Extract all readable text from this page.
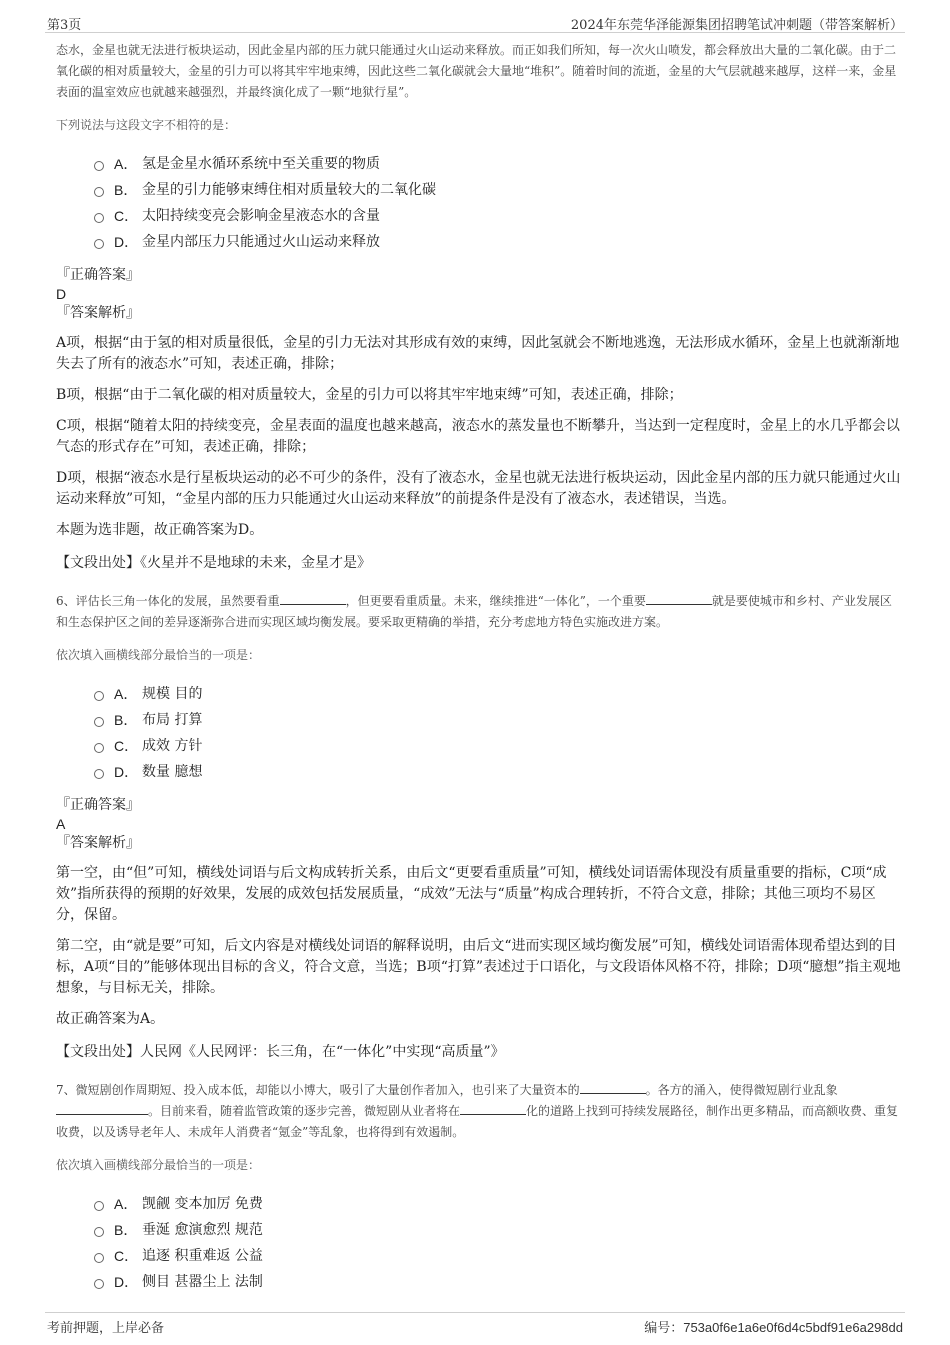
第3页	2024年东莞华泽能源集团招聘笔试冲刺题（带答案解析）

态水，金星也就无法进行板块运动，因此金星内部的压力就只能通过火山运动来释放。而正如我们所知，每一次火山喷发，都会释放出大量的二氧化碳。由于二氧化碳的相对质量较大，金星的引力可以将其牢牢地束缚，因此这些二氧化碳就会大量地“堆积”。随着时间的流逝，金星的大气层就越来越厚，这样一来，金星表面的温室效应也就越来越强烈，并最终演化成了一颗“地狱行星”。

下列说法与这段文字不相符的是：

A． 氢是金星水循环系统中至关重要的物质
B． 金星的引力能够束缚住相对质量较大的二氧化碳
C． 太阳持续变亮会影响金星液态水的含量
D． 金星内部压力只能通过火山运动来释放

『正确答案』

D

『答案解析』

A项，根据“由于氢的相对质量很低，金星的引力无法对其形成有效的束缚，因此氢就会不断地逃逸，无法形成水循环，金星上也就渐渐地失去了所有的液态水”可知，表述正确，排除；

B项，根据“由于二氧化碳的相对质量较大，金星的引力可以将其牢牢地束缚”可知，表述正确，排除；

C项，根据“随着太阳的持续变亮，金星表面的温度也越来越高，液态水的蒸发量也不断攀升，当达到一定程度时，金星上的水几乎都会以气态的形式存在”可知，表述正确，排除；

D项，根据“液态水是行星板块运动的必不可少的条件，没有了液态水，金星也就无法进行板块运动，因此金星内部的压力就只能通过火山运动来释放”可知，“金星内部的压力只能通过火山运动来释放”的前提条件是没有了液态水，表述错误，当选。

本题为选非题，故正确答案为D。

【文段出处】《火星并不是地球的未来，金星才是》

6、评估长三角一体化的发展，虽然要看重	，但更要看重质量。未来，继续推进“一体化”，一个重要	就是要使城市和乡村、产业发展区和生态保护区之间的差异逐渐弥合进而实现区域均衡发展。要采取更精确的举措，充分考虑地方特色实施改进方案。

依次填入画横线部分最恰当的一项是：

A． 规模 目的
B． 布局 打算
C． 成效 方针
D． 数量 臆想

『正确答案』

A

『答案解析』

第一空，由“但”可知，横线处词语与后文构成转折关系，由后文“更要看重质量”可知，横线处词语需体现没有质量重要的指标，C项“成效”指所获得的预期的好效果，发展的成效包括发展质量，“成效”无法与“质量”构成合理转折，不符合文意，排除；其他三项均不易区分，保留。

第二空，由“就是要”可知，后文内容是对横线处词语的解释说明，由后文“进而实现区域均衡发展”可知，横线处词语需体现希望达到的目标，A项“目的”能够体现出目标的含义，符合文意，当选；B项“打算”表述过于口语化，与文段语体风格不符，排除；D项“臆想”指主观地想象，与目标无关，排除。

故正确答案为A。

【文段出处】人民网《人民网评：长三角，在“一体化”中实现“高质量”》

7、微短剧创作周期短、投入成本低，却能以小博大，吸引了大量创作者加入，也引来了大量资本的	。各方的涌入，使得微短剧行业乱象。目前来看，随着监管政策的逐步完善，微短剧从业者将在	化的道路上找到可持续发展路径，制作出更多精品，而高额收费、重复收费，以及诱导老年人、未成年人消费者“氪金”等乱象，也将得到有效遏制。

依次填入画横线部分最恰当的一项是：

A． 觊觎 变本加厉 免费
B． 垂涎 愈演愈烈 规范
C． 追逐 积重难返 公益
D． 侧目 甚嚣尘上 法制
考前押题，上岸必备	编号：753a0f6e1a6e0f6d4c5bdf91e6a298dd
